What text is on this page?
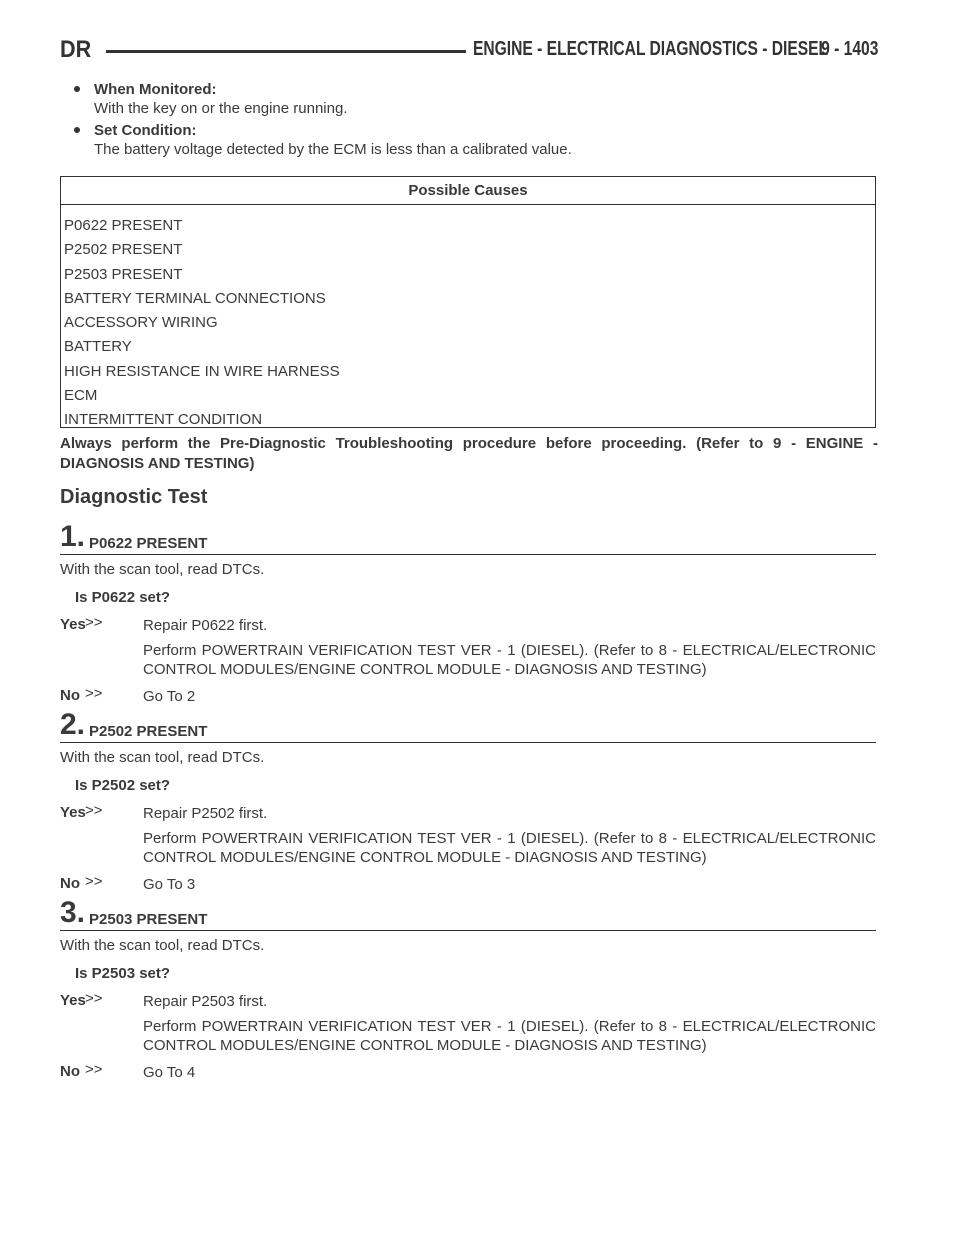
DR	ENGINE - ELECTRICAL DIAGNOSTICS - DIESEL
9 - 1403
When Monitored:
With the key on or the engine running.
Set Condition:
The battery voltage detected by the ECM is less than a calibrated value.
Possible Causes
P0622 PRESENT
P2502 PRESENT
P2503 PRESENT
BATTERY TERMINAL CONNECTIONS
ACCESSORY WIRING
BATTERY
HIGH RESISTANCE IN WIRE HARNESS
ECM
INTERMITTENT CONDITION
Always perform the Pre-Diagnostic Troubleshooting procedure before proceeding. (Refer to 9 - ENGINE - DIAGNOSIS AND TESTING)
Diagnostic Test
1. P0622 PRESENT
With the scan tool, read DTCs.
Is P0622 set?
Yes >>	Repair P0622 first.

Perform POWERTRAIN VERIFICATION TEST VER - 1 (DIESEL). (Refer to 8 - ELECTRICAL/ELECTRONIC CONTROL MODULES/ENGINE CONTROL MODULE - DIAGNOSIS AND TESTING)

No >>	Go To 2

2. P2502 PRESENT
With the scan tool, read DTCs.
Is P2502 set?
Yes >>	Repair P2502 first.

Perform POWERTRAIN VERIFICATION TEST VER - 1 (DIESEL). (Refer to 8 - ELECTRICAL/ELECTRONIC CONTROL MODULES/ENGINE CONTROL MODULE - DIAGNOSIS AND TESTING)

No >>	Go To 3

3. P2503 PRESENT
With the scan tool, read DTCs.
Is P2503 set?
Yes >>	Repair P2503 first.

Perform POWERTRAIN VERIFICATION TEST VER - 1 (DIESEL). (Refer to 8 - ELECTRICAL/ELECTRONIC CONTROL MODULES/ENGINE CONTROL MODULE - DIAGNOSIS AND TESTING)

No >>	Go To 4
